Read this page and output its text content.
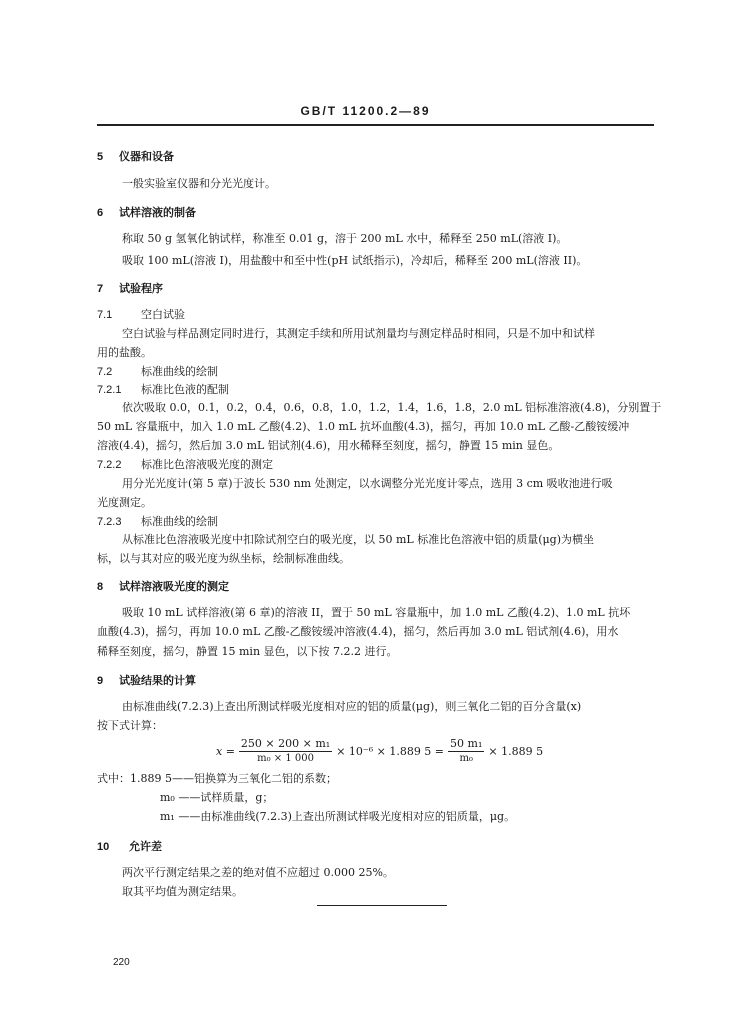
GB/T 11200.2—89
5 仪器和设备
一般实验室仪器和分光光度计。
6 试样溶液的制备
称取 50 g 氢氧化钠试样，称准至 0.01 g，溶于 200 mL 水中，稀释至 250 mL(溶液 I)。
吸取 100 mL(溶液 I)，用盐酸中和至中性(pH 试纸指示)，冷却后，稀释至 200 mL(溶液 II)。
7 试验程序
7.1	空白试验
空白试验与样品测定同时进行，其测定手续和所用试剂量均与测定样品时相同，只是不加中和试样
用的盐酸。
7.2	标准曲线的绘制
7.2.1 标准比色液的配制
依次吸取 0.0，0.1，0.2，0.4，0.6，0.8，1.0，1.2，1.4，1.6，1.8，2.0 mL 铝标准溶液(4.8)，分别置于
50 mL 容量瓶中，加入 1.0 mL 乙酸(4.2)、1.0 mL 抗坏血酸(4.3)，摇匀，再加 10.0 mL 乙酸-乙酸铵缓冲
溶液(4.4)，摇匀，然后加 3.0 mL 铝试剂(4.6)，用水稀释至刻度，摇匀，静置 15 min 显色。
7.2.2 标准比色溶液吸光度的测定
用分光光度计(第 5 章)于波长 530 nm 处测定，以水调整分光光度计零点，选用 3 cm 吸收池进行吸
光度测定。
7.2.3 标准曲线的绘制
从标准比色溶液吸光度中扣除试剂空白的吸光度，以 50 mL 标准比色溶液中铝的质量(μg)为横坐
标，以与其对应的吸光度为纵坐标，绘制标准曲线。
8 试样溶液吸光度的测定
吸取 10 mL 试样溶液(第 6 章)的溶液 II，置于 50 mL 容量瓶中，加 1.0 mL 乙酸(4.2)、1.0 mL 抗坏
血酸(4.3)，摇匀，再加 10.0 mL 乙酸-乙酸铵缓冲溶液(4.4)，摇匀，然后再加 3.0 mL 铝试剂(4.6)，用水
稀释至刻度，摇匀，静置 15 min 显色，以下按 7.2.2 进行。
9 试验结果的计算
由标准曲线(7.2.3)上查出所测试样吸光度相对应的铝的质量(μg)，则三氧化二铝的百分含量(x)
按下式计算：
$x = \frac{\text{250 × 200 × m₁}}{\text{m₀ × 1 000}} \times 10^{-6} \times 1.889$ $5 = \frac{\text{50 m₁}}{\text{m₀}} \times 1.889$ 5
式中：1.889 5——铝换算为三氧化二铝的系数；
m₀ ——试样质量，g；
m₁ ——由标准曲线(7.2.3)上查出所测试样吸光度相对应的铝质量，μg。
10 允许差
两次平行测定结果之差的绝对值不应超过 0.000 25%。
取其平均值为测定结果。
220
